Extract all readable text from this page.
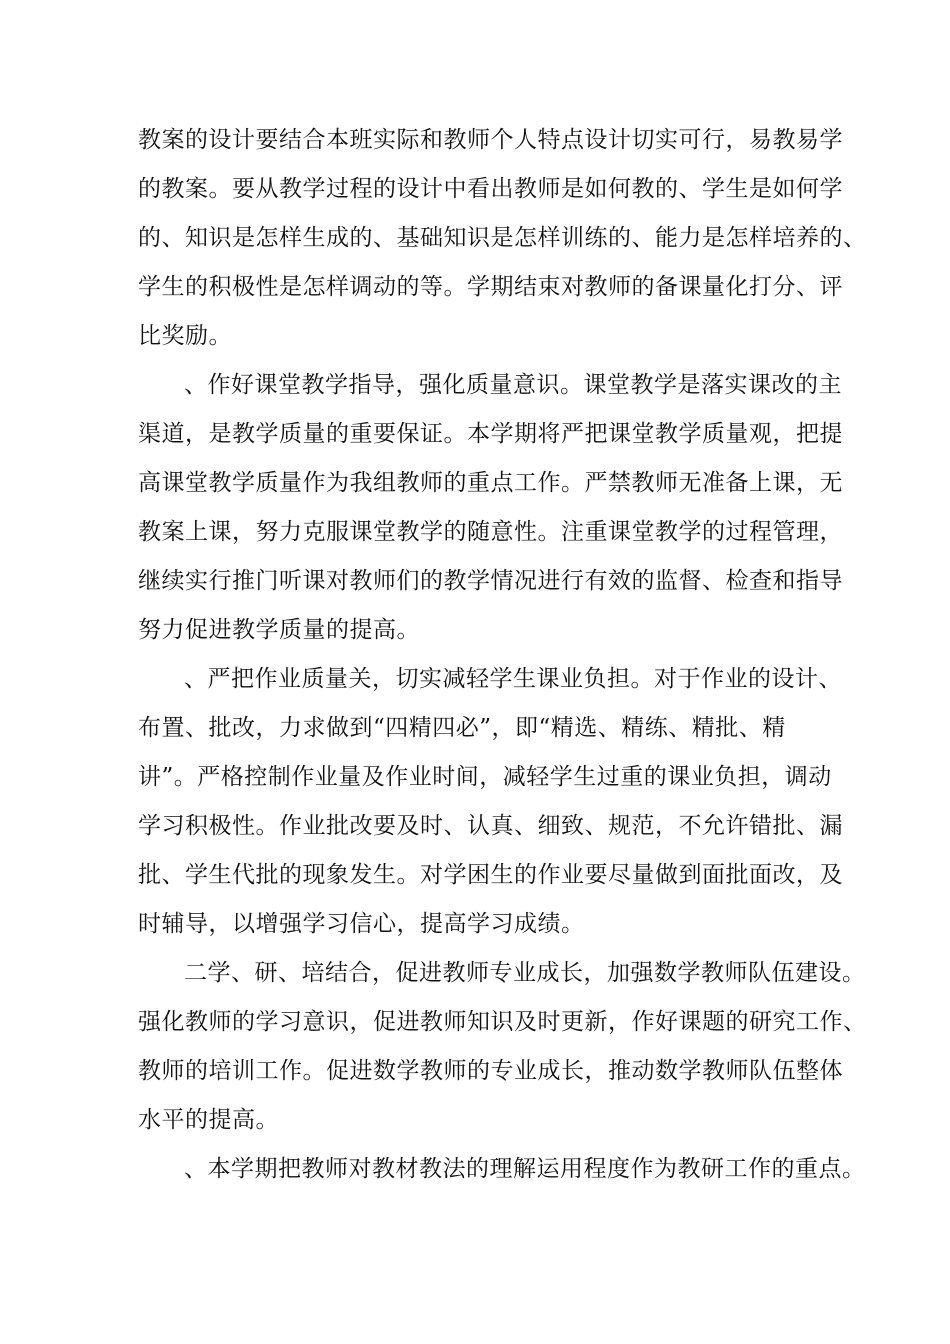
教案的设计要结合本班实际和教师个人特点设计切实可行，易教易学
的教案。要从教学过程的设计中看出教师是如何教的、学生是如何学
的、知识是怎样生成的、基础知识是怎样训练的、能力是怎样培养的、
学生的积极性是怎样调动的等。学期结束对教师的备课量化打分、评
比奖励。
、作好课堂教学指导，强化质量意识。课堂教学是落实课改的主
渠道，是教学质量的重要保证。本学期将严把课堂教学质量观，把提
高课堂教学质量作为我组教师的重点工作。严禁教师无准备上课，无
教案上课，努力克服课堂教学的随意性。注重课堂教学的过程管理，
继续实行推门听课对教师们的教学情况进行有效的监督、检查和指导
努力促进教学质量的提高。
、严把作业质量关，切实减轻学生课业负担。对于作业的设计、
布置、批改，力求做到“四精四必”，即“精选、精练、精批、精
讲”。严格控制作业量及作业时间，减轻学生过重的课业负担，调动
学习积极性。作业批改要及时、认真、细致、规范，不允许错批、漏
批、学生代批的现象发生。对学困生的作业要尽量做到面批面改，及
时辅导，以增强学习信心，提高学习成绩。
二学、研、培结合，促进教师专业成长，加强数学教师队伍建设。
强化教师的学习意识，促进教师知识及时更新，作好课题的研究工作、
教师的培训工作。促进数学教师的专业成长，推动数学教师队伍整体
水平的提高。
、本学期把教师对教材教法的理解运用程度作为教研工作的重点。
